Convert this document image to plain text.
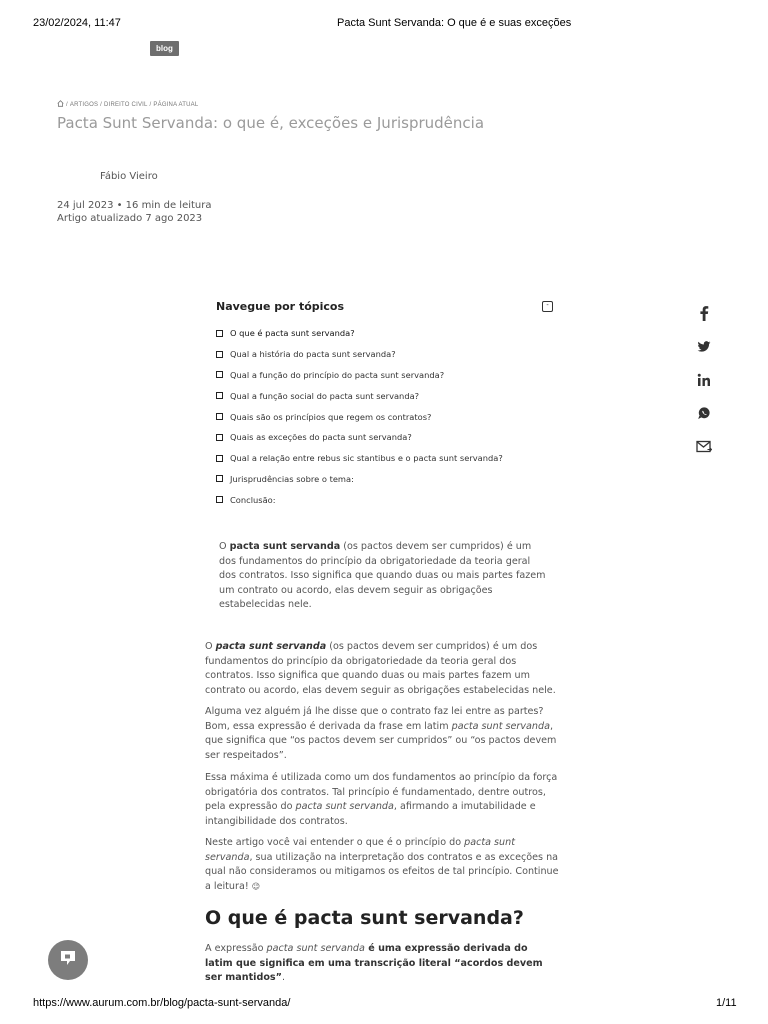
23/02/2024, 11:47	Pacta Sunt Servanda: O que é e suas exceções
blog
/ ARTIGOS / DIREITO CIVIL / PÁGINA ATUAL
Pacta Sunt Servanda: o que é, exceções e Jurisprudência
Fábio Vieiro
24 jul 2023 • 16 min de leitura
Artigo atualizado 7 ago 2023
Navegue por tópicos	-
O que é pacta sunt servanda?
Qual a história do pacta sunt servanda?
Qual a função do princípio do pacta sunt servanda?
Qual a função social do pacta sunt servanda?
Quais são os princípios que regem os contratos?
Quais as exceções do pacta sunt servanda?
Qual a relação entre rebus sic stantibus e o pacta sunt servanda?
Jurisprudências sobre o tema:
Conclusão:

O pacta sunt servanda (os pactos devem ser cumpridos) é um dos fundamentos do princípio da obrigatoriedade da teoria geral dos contratos. Isso significa que quando duas ou mais partes fazem um contrato ou acordo, elas devem seguir as obrigações estabelecidas nele.

O pacta sunt servanda (os pactos devem ser cumpridos) é um dos fundamentos do princípio da obrigatoriedade da teoria geral dos contratos. Isso significa que quando duas ou mais partes fazem um contrato ou acordo, elas devem seguir as obrigações estabelecidas nele.

Alguma vez alguém já lhe disse que o contrato faz lei entre as partes? Bom, essa expressão é derivada da frase em latim pacta sunt servanda, que significa que “os pactos devem ser cumpridos” ou “os pactos devem ser respeitados”.

Essa máxima é utilizada como um dos fundamentos ao princípio da força obrigatória dos contratos. Tal princípio é fundamentado, dentre outros, pela expressão do pacta sunt servanda, afirmando a imutabilidade e intangibilidade dos contratos.

Neste artigo você vai entender o que é o princípio do pacta sunt servanda, sua utilização na interpretação dos contratos e as exceções na qual não consideramos ou mitigamos os efeitos de tal princípio. Continue a leitura! 😉

O que é pacta sunt servanda?

A expressão pacta sunt servanda é uma expressão derivada do latim que significa em uma transcrição literal “acordos devem ser mantidos”.

https://www.aurum.com.br/blog/pacta-sunt-servanda/	1/11
